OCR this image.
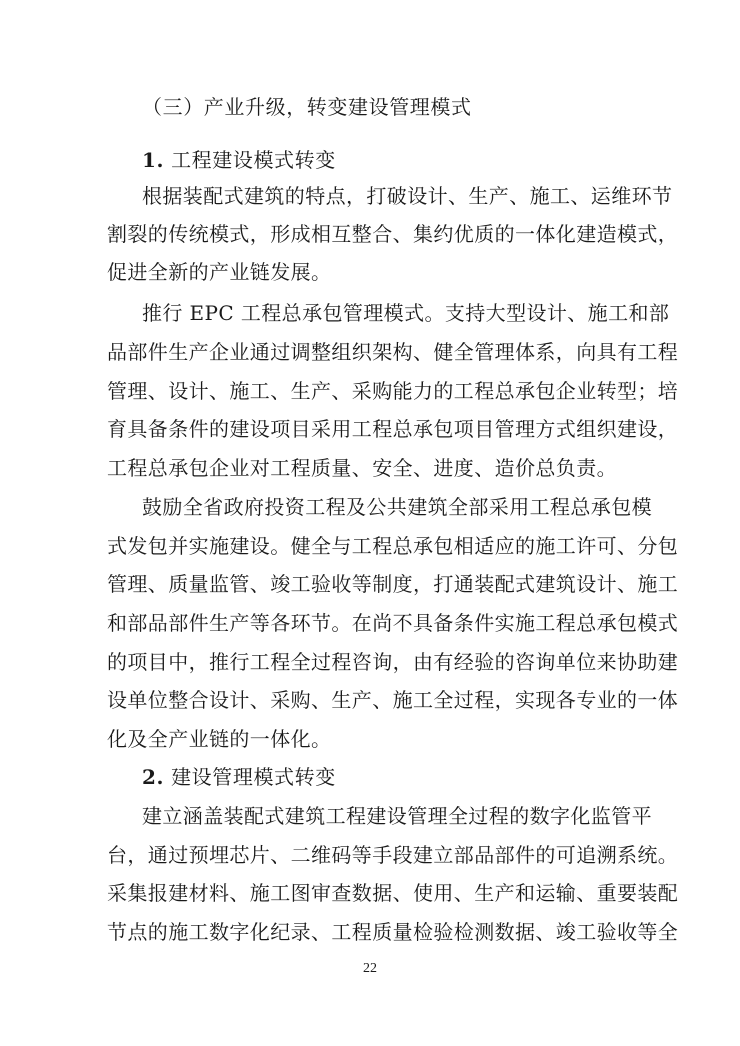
（三）产业升级，转变建设管理模式
1. 工程建设模式转变
根据装配式建筑的特点，打破设计、生产、施工、运维环节
割裂的传统模式，形成相互整合、集约优质的一体化建造模式，
促进全新的产业链发展。
推行 EPC 工程总承包管理模式。支持大型设计、施工和部
品部件生产企业通过调整组织架构、健全管理体系，向具有工程
管理、设计、施工、生产、采购能力的工程总承包企业转型；培
育具备条件的建设项目采用工程总承包项目管理方式组织建设，
工程总承包企业对工程质量、安全、进度、造价总负责。
鼓励全省政府投资工程及公共建筑全部采用工程总承包模
式发包并实施建设。健全与工程总承包相适应的施工许可、分包
管理、质量监管、竣工验收等制度，打通装配式建筑设计、施工
和部品部件生产等各环节。在尚不具备条件实施工程总承包模式
的项目中，推行工程全过程咨询，由有经验的咨询单位来协助建
设单位整合设计、采购、生产、施工全过程，实现各专业的一体
化及全产业链的一体化。
2. 建设管理模式转变
建立涵盖装配式建筑工程建设管理全过程的数字化监管平
台，通过预埋芯片、二维码等手段建立部品部件的可追溯系统。
采集报建材料、施工图审查数据、使用、生产和运输、重要装配
节点的施工数字化纪录、工程质量检验检测数据、竣工验收等全
22
